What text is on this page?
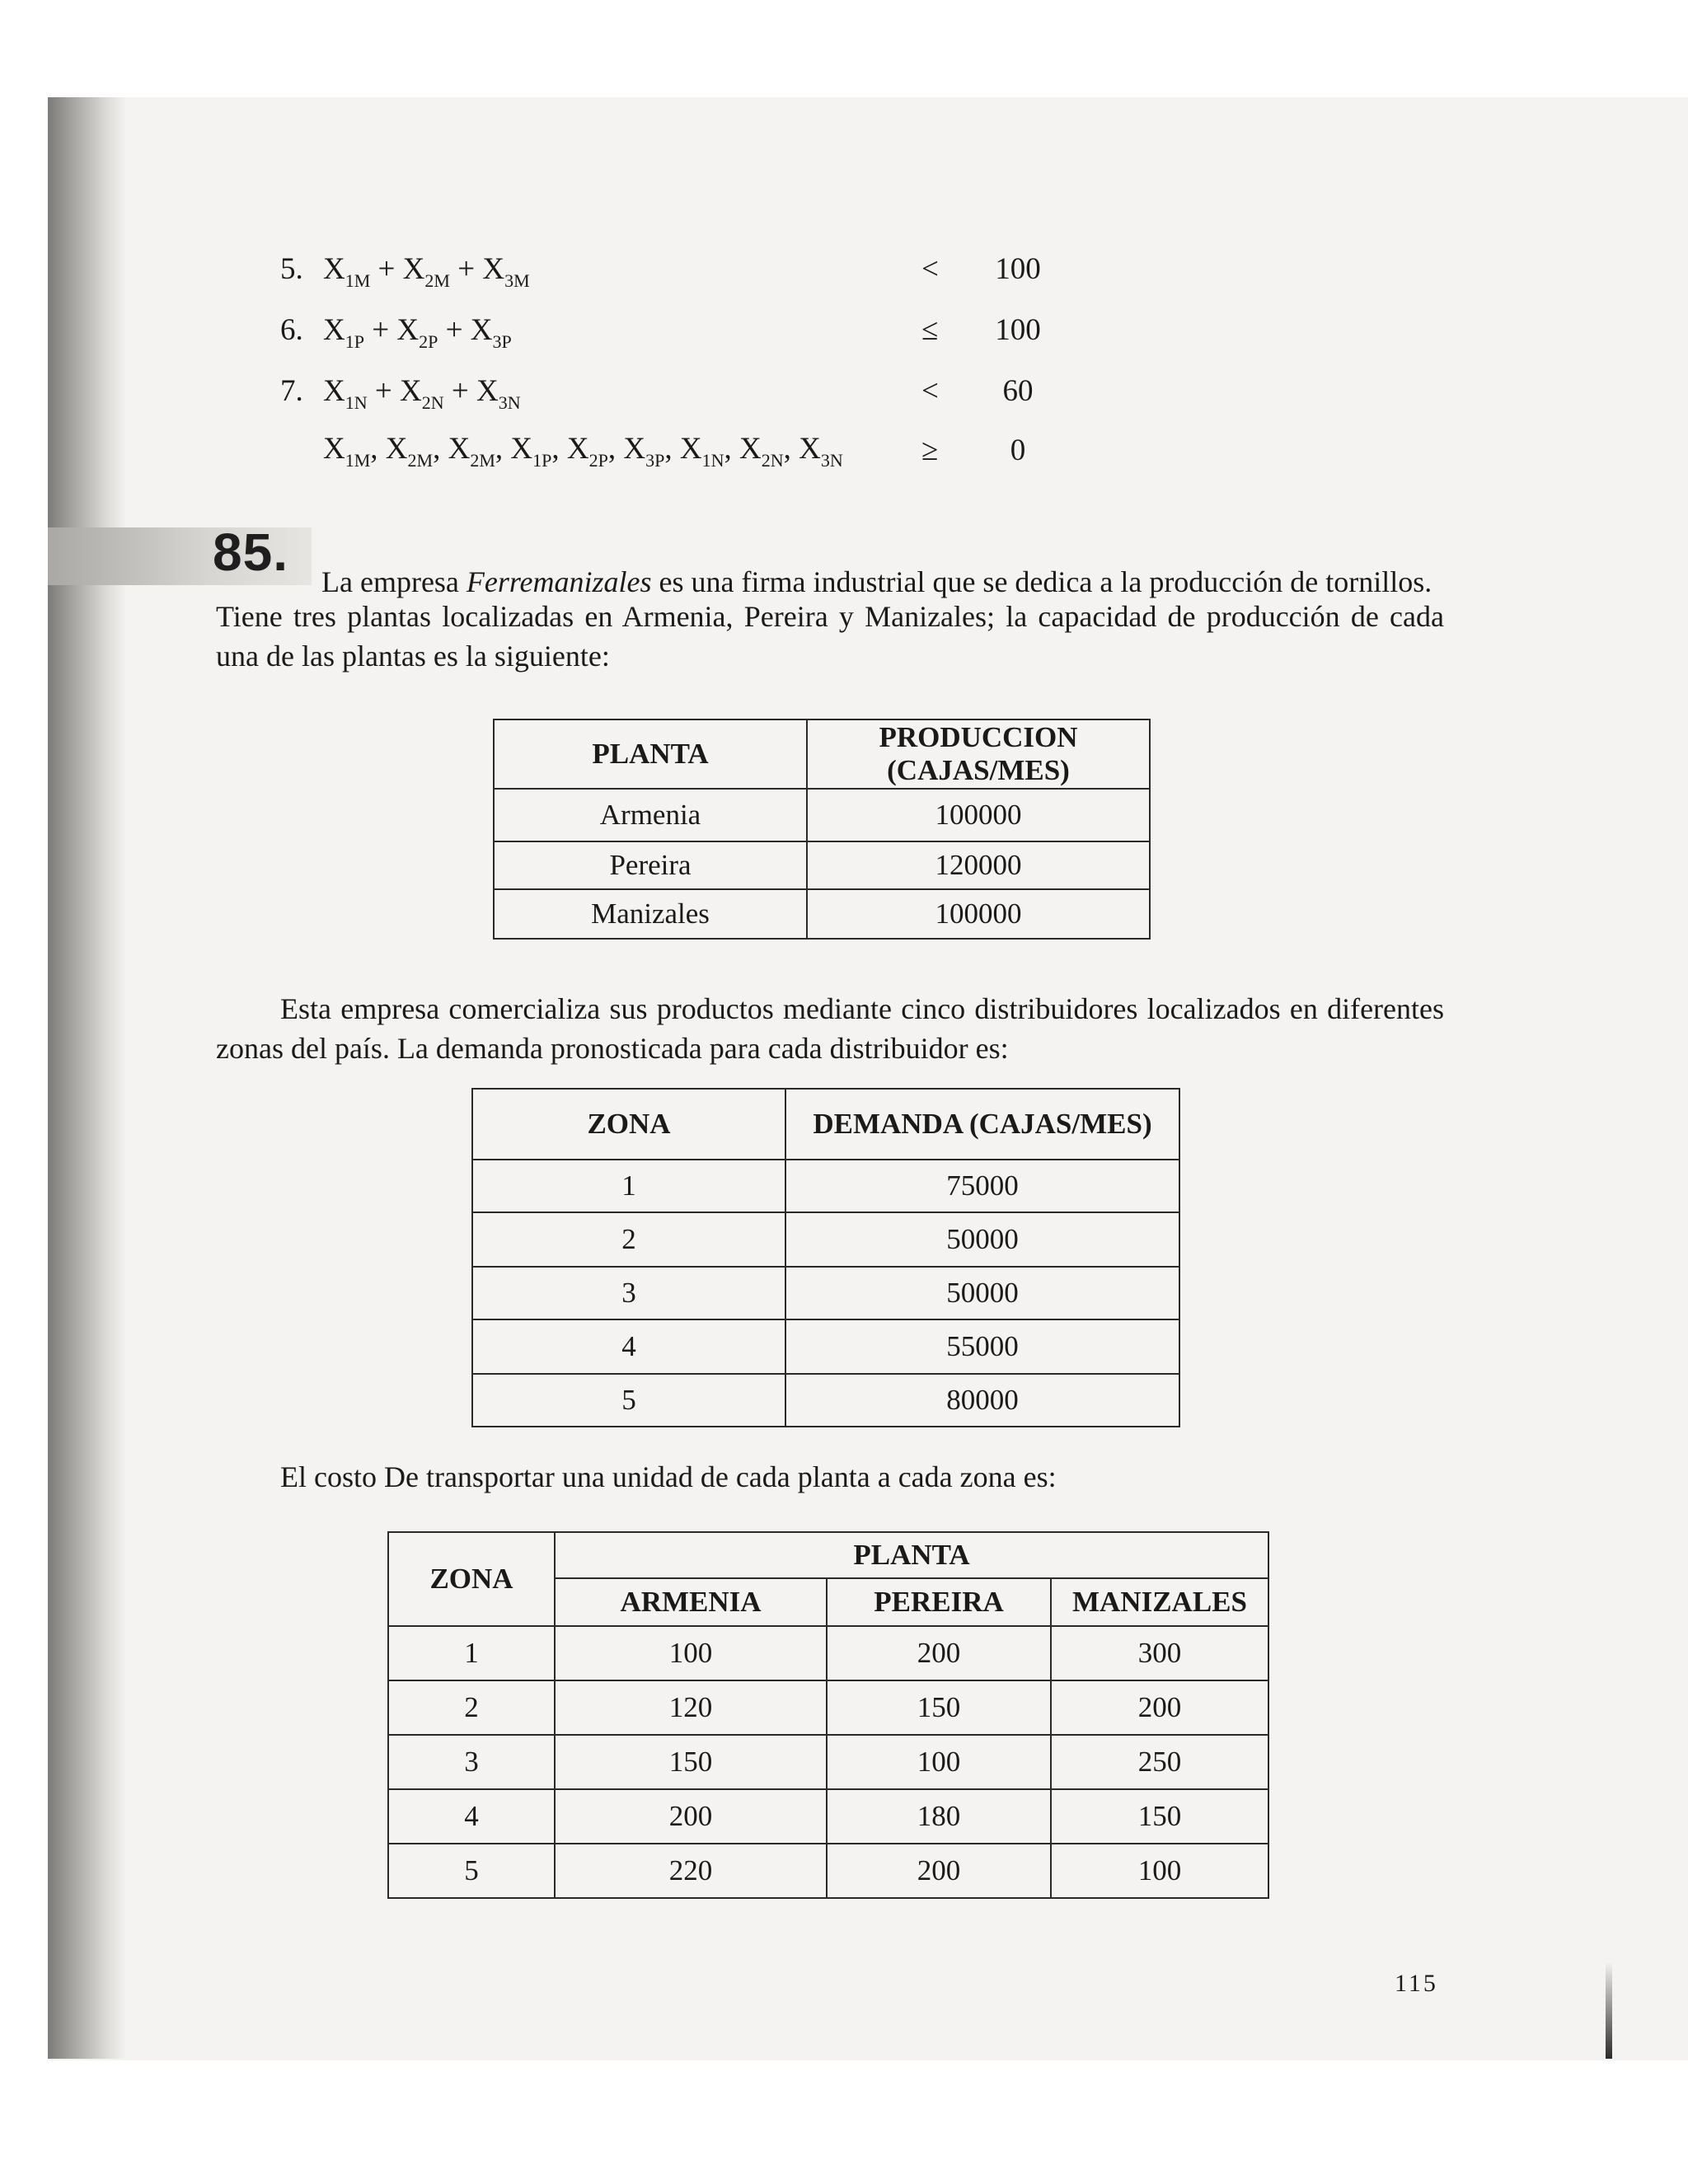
5. $X_{1M} + X_{2M} + X_{3M}$	<	100
6. $X_{1P} + X_{2P} + X_{3P}$	≤	100
7. $X_{1N} + X_{2N} + X_{3N}$	<	60
$X_{1M}$, $X_{2M}$, $X_{2M}$, $X_{1P}$, $X_{2P}$, $X_{3P}$, $X_{1N}$, $X_{2N}$, $X_{3N}$	≥	0
85. La empresa Ferremanizales es una firma industrial que se dedica a la producción de tornillos.
Tiene tres plantas localizadas en Armenia, Pereira y Manizales; la capacidad de producción de cada una de las plantas es la siguiente:
PLANTA	PRODUCCION (CAJAS/MES)
Armenia	100000
Pereira	120000
Manizales	100000
Esta empresa comercializa sus productos mediante cinco distribuidores localizados en diferentes zonas del país. La demanda pronosticada para cada distribuidor es:
ZONA	DEMANDA (CAJAS/MES)
1	75000
2	50000
3	50000
4	55000
5	80000
El costo De transportar una unidad de cada planta a cada zona es:
ZONA	PLANTA		
	ARMENIA	PEREIRA	MANIZALES
1	100	200	300
2	120	150	200
3	150	100	250
4	200	180	150
5	220	200	100
115
